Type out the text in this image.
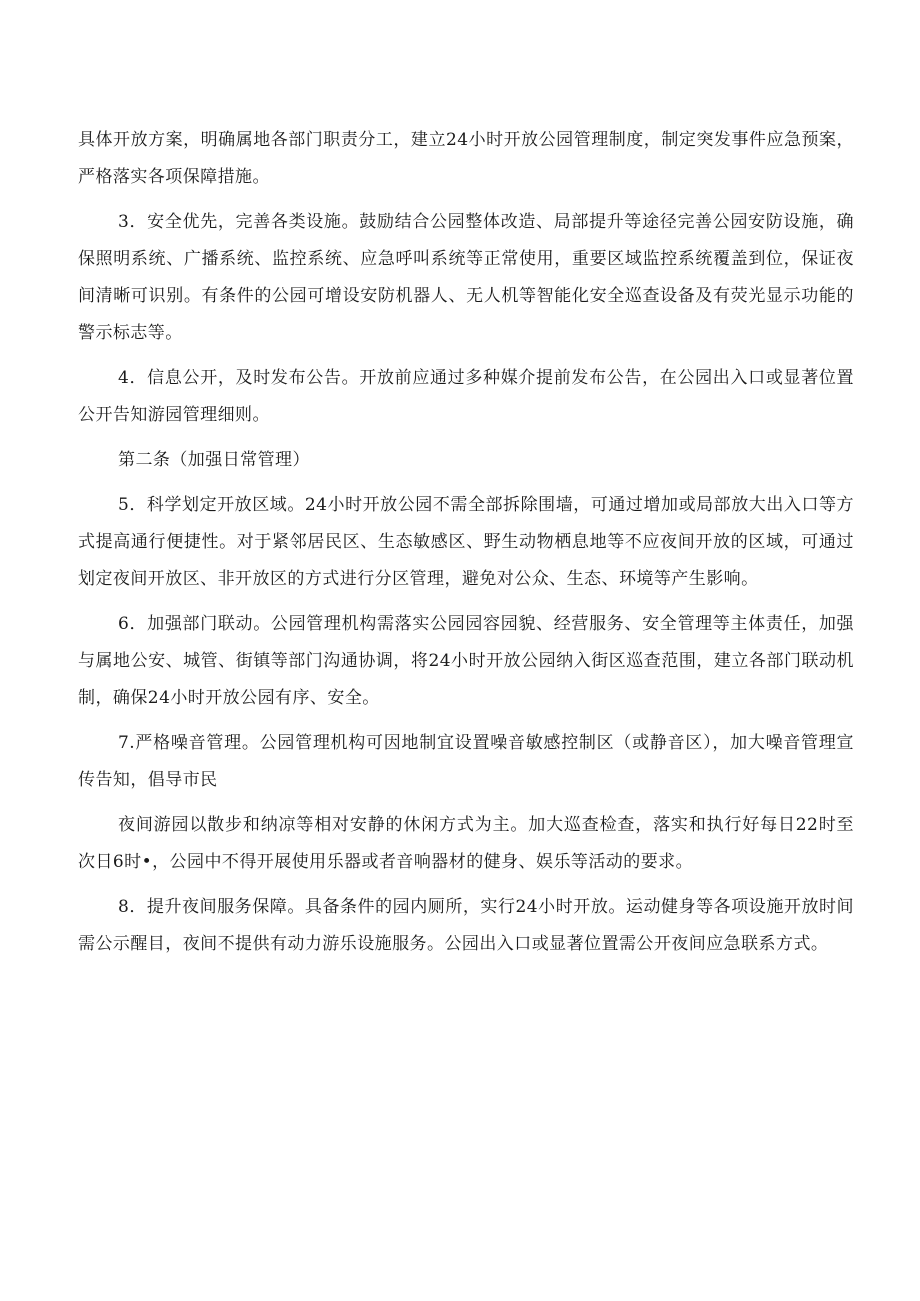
具体开放方案，明确属地各部门职责分工，建立24小时开放公园管理制度，制定突发事件应急预案，严格落实各项保障措施。

3．安全优先，完善各类设施。鼓励结合公园整体改造、局部提升等途径完善公园安防设施，确保照明系统、广播系统、监控系统、应急呼叫系统等正常使用，重要区域监控系统覆盖到位，保证夜间清晰可识别。有条件的公园可增设安防机器人、无人机等智能化安全巡查设备及有荧光显示功能的警示标志等。

4．信息公开，及时发布公告。开放前应通过多种媒介提前发布公告，在公园出入口或显著位置公开告知游园管理细则。

第二条（加强日常管理）

5．科学划定开放区域。24小时开放公园不需全部拆除围墙，可通过增加或局部放大出入口等方式提高通行便捷性。对于紧邻居民区、生态敏感区、野生动物栖息地等不应夜间开放的区域，可通过划定夜间开放区、非开放区的方式进行分区管理，避免对公众、生态、环境等产生影响。

6．加强部门联动。公园管理机构需落实公园园容园貌、经营服务、安全管理等主体责任，加强与属地公安、城管、街镇等部门沟通协调，将24小时开放公园纳入街区巡查范围，建立各部门联动机制，确保24小时开放公园有序、安全。

7.严格噪音管理。公园管理机构可因地制宜设置噪音敏感控制区（或静音区），加大噪音管理宣传告知，倡导市民

夜间游园以散步和纳凉等相对安静的休闲方式为主。加大巡查检查，落实和执行好每日22时至次日6时•，公园中不得开展使用乐器或者音响器材的健身、娱乐等活动的要求。

8．提升夜间服务保障。具备条件的园内厕所，实行24小时开放。运动健身等各项设施开放时间需公示醒目，夜间不提供有动力游乐设施服务。公园出入口或显著位置需公开夜间应急联系方式。
